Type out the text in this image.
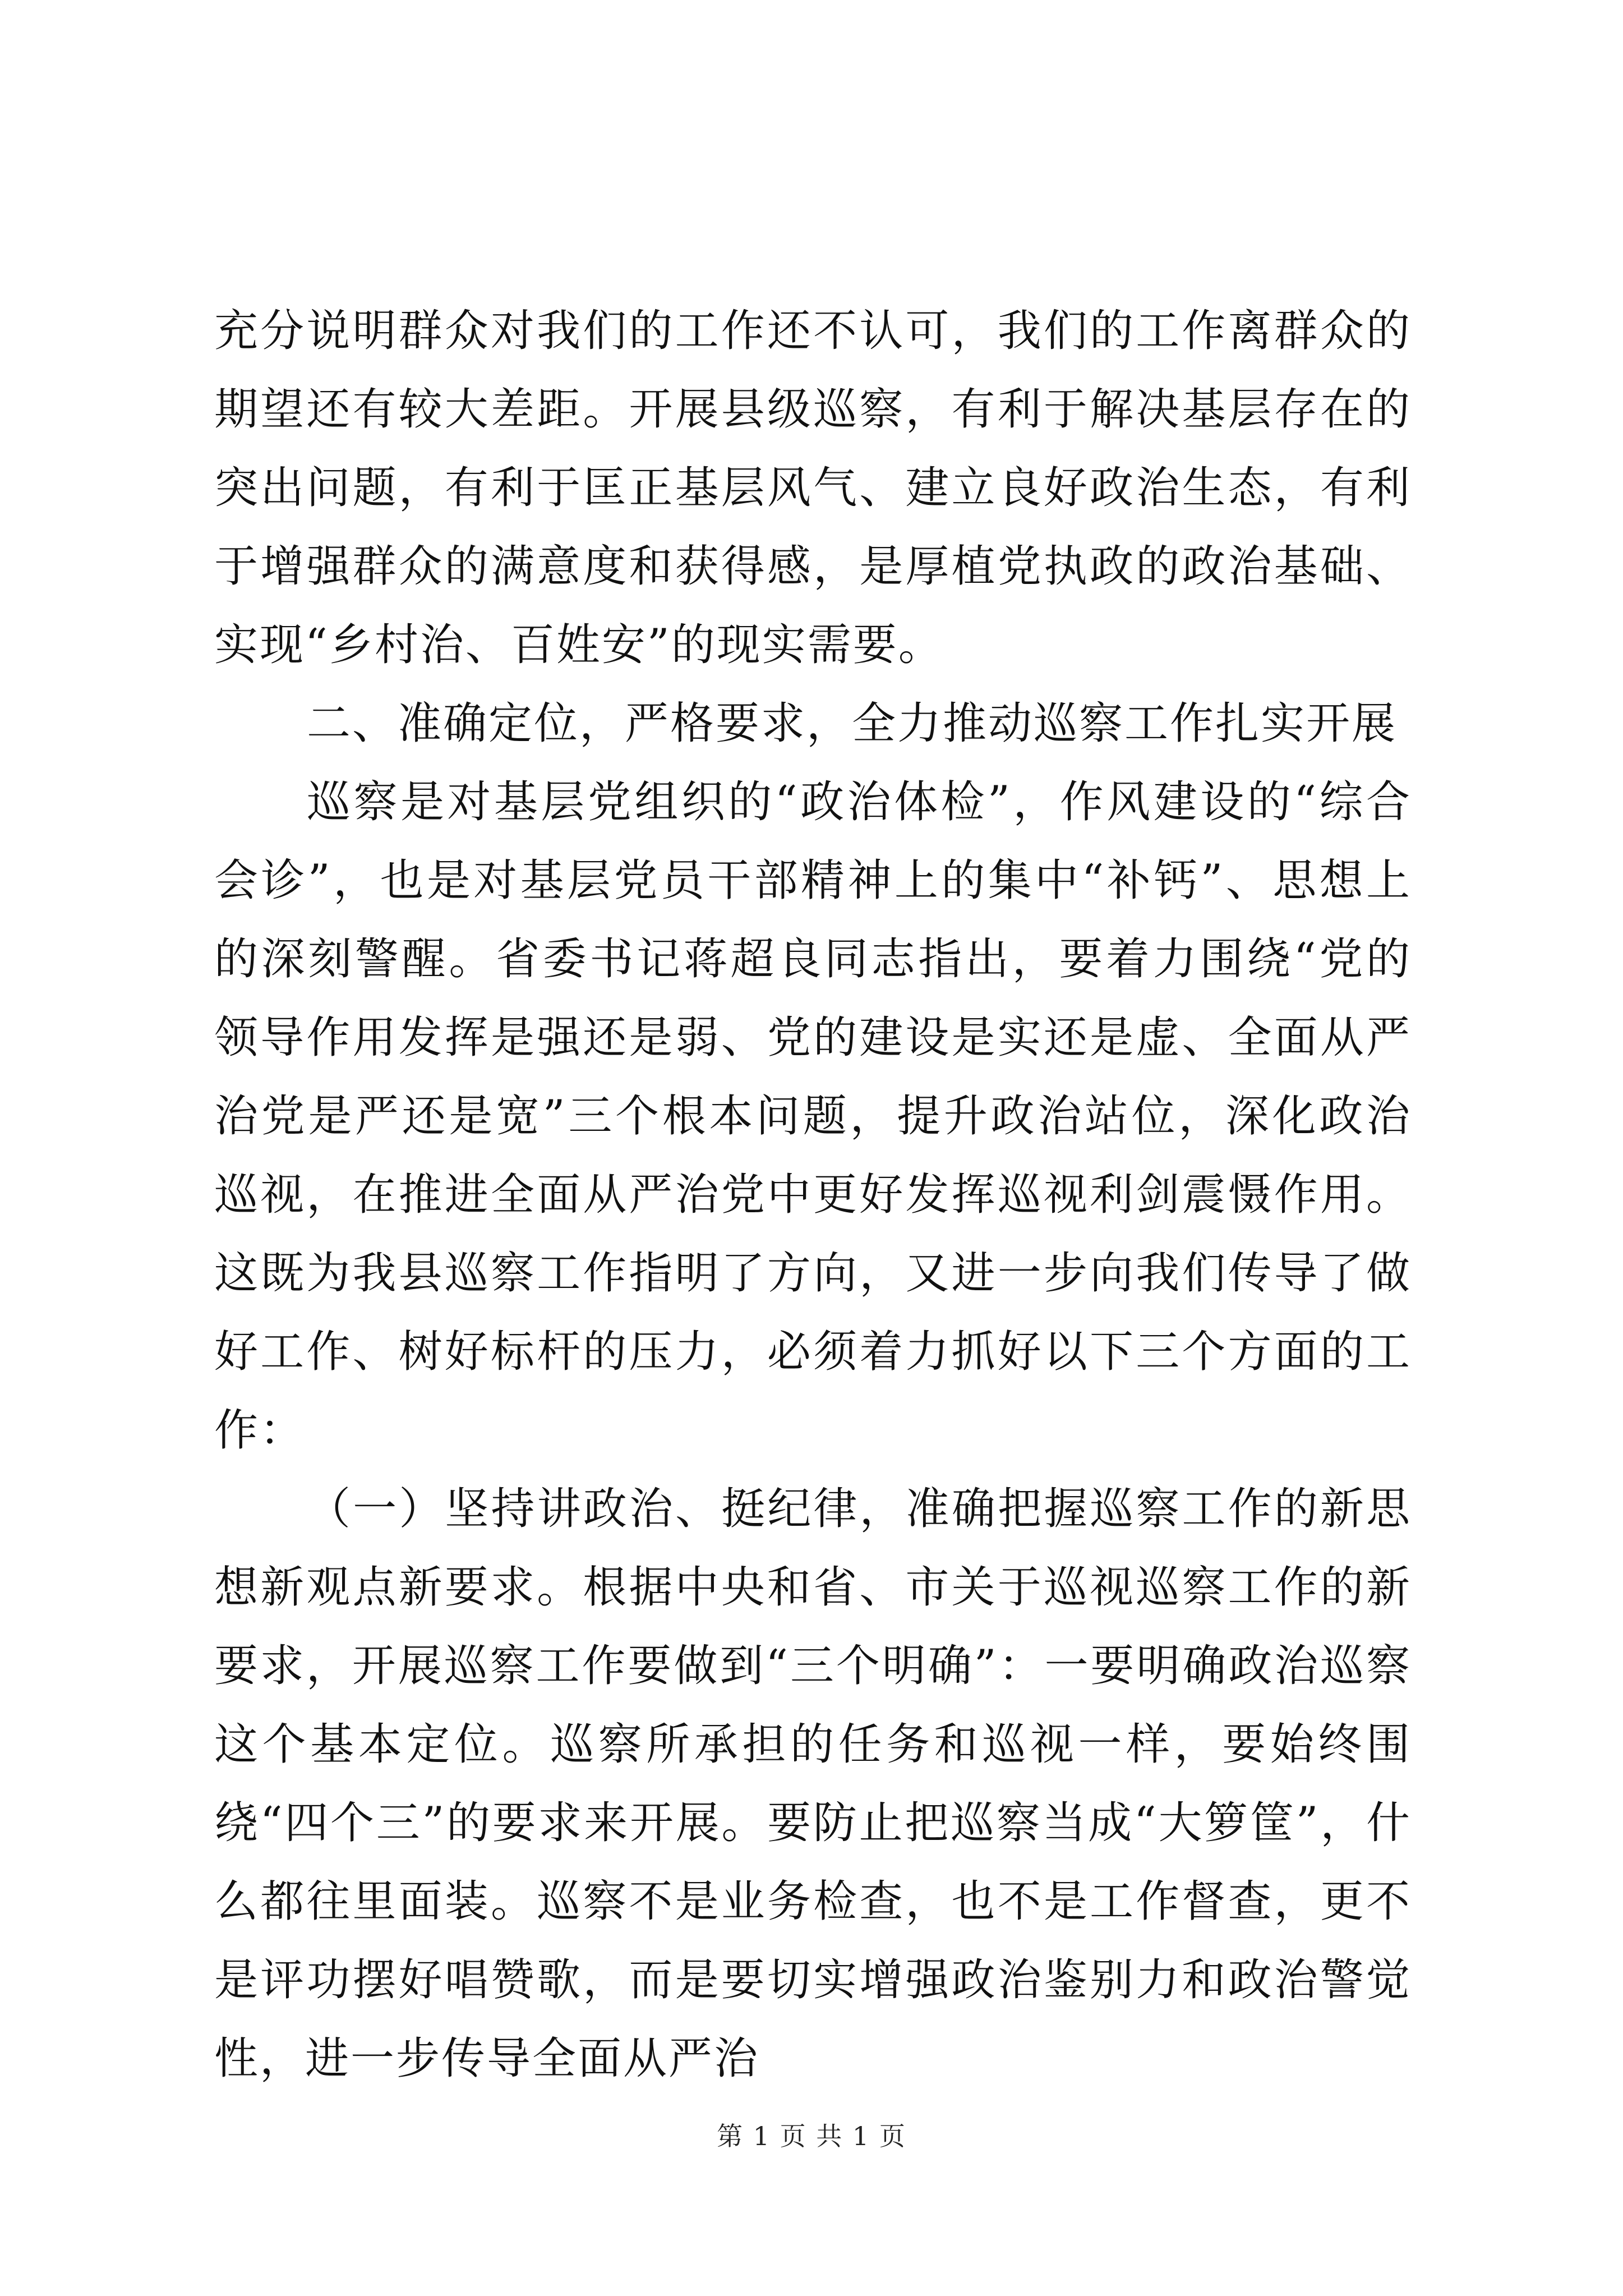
充分说明群众对我们的工作还不认可，我们的工作离群众的期望还有较大差距。开展县级巡察，有利于解决基层存在的突出问题，有利于匡正基层风气、建立良好政治生态，有利于增强群众的满意度和获得感，是厚植党执政的政治基础、实现“乡村治、百姓安”的现实需要。

二、准确定位，严格要求，全力推动巡察工作扎实开展

巡察是对基层党组织的“政治体检”，作风建设的“综合会诊”，也是对基层党员干部精神上的集中“补钙”、思想上的深刻警醒。省委书记蒋超良同志指出，要着力围绕“党的领导作用发挥是强还是弱、党的建设是实还是虚、全面从严治党是严还是宽”三个根本问题，提升政治站位，深化政治巡视，在推进全面从严治党中更好发挥巡视利剑震慑作用。这既为我县巡察工作指明了方向，又进一步向我们传导了做好工作、树好标杆的压力，必须着力抓好以下三个方面的工作：

（一）坚持讲政治、挺纪律，准确把握巡察工作的新思想新观点新要求。根据中央和省、市关于巡视巡察工作的新要求，开展巡察工作要做到“三个明确”：一要明确政治巡察这个基本定位。巡察所承担的任务和巡视一样，要始终围绕“四个三”的要求来开展。要防止把巡察当成“大箩筐”，什么都往里面装。巡察不是业务检查，也不是工作督查，更不是评功摆好唱赞歌，而是要切实增强政治鉴别力和政治警觉性，进一步传导全面从严治

第 1 页 共 1 页
